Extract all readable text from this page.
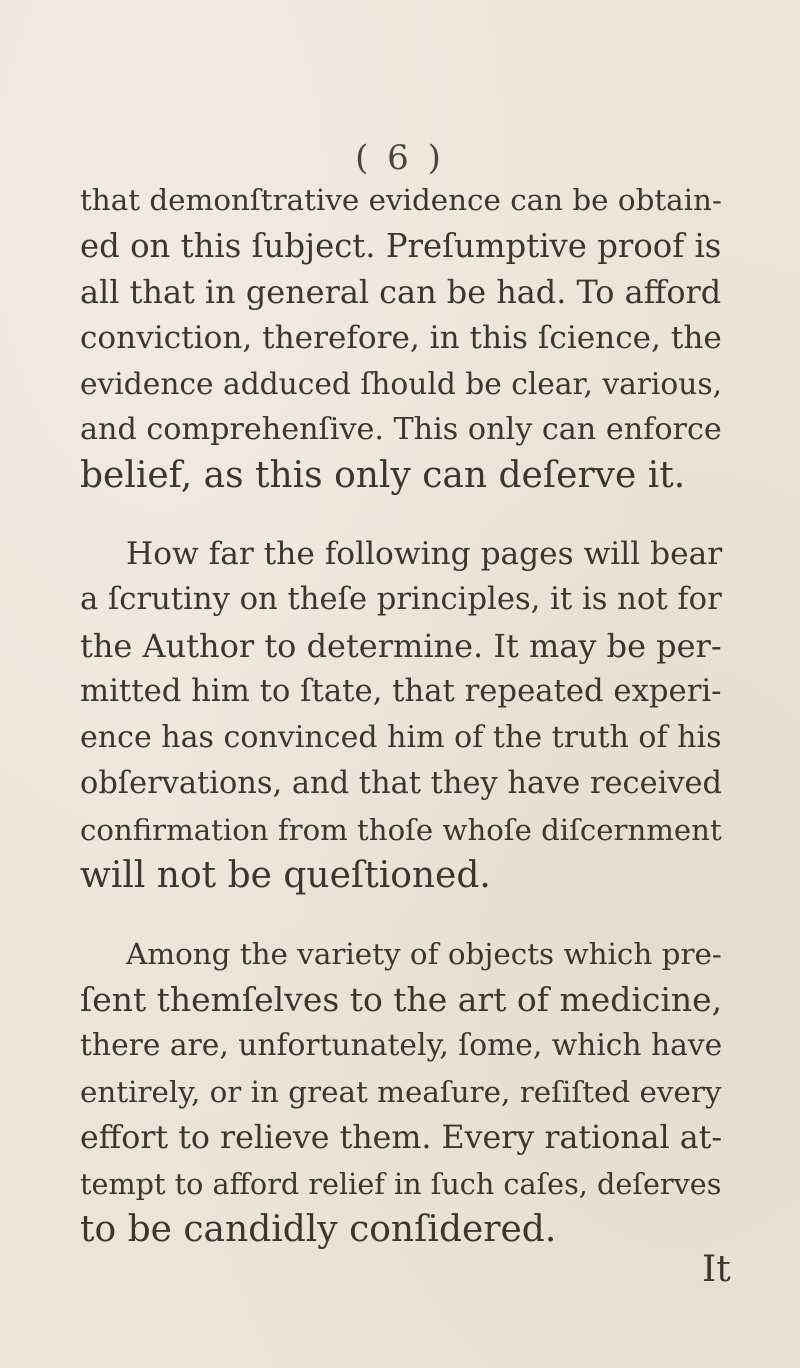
( 6 )
that demonſtrative evidence can be obtain-
ed on this ſubject. Preſumptive proof is
all that in general can be had. To afford
conviction, therefore, in this ſcience, the
evidence adduced ſhould be clear, various,
and comprehenſive. This only can enforce
belief, as this only can deſerve it.
How far the following pages will bear
a ſcrutiny on theſe principles, it is not for
the Author to determine. It may be per-
mitted him to ſtate, that repeated experi-
ence has convinced him of the truth of his
obſervations, and that they have received
confirmation from thoſe whoſe diſcernment
will not be queſtioned.
Among the variety of objects which pre-
ſent themſelves to the art of medicine,
there are, unfortunately, ſome, which have
entirely, or in great meaſure, reſiſted every
effort to relieve them. Every rational at-
tempt to afford relief in ſuch caſes, deſerves
to be candidly conſidered.
It
